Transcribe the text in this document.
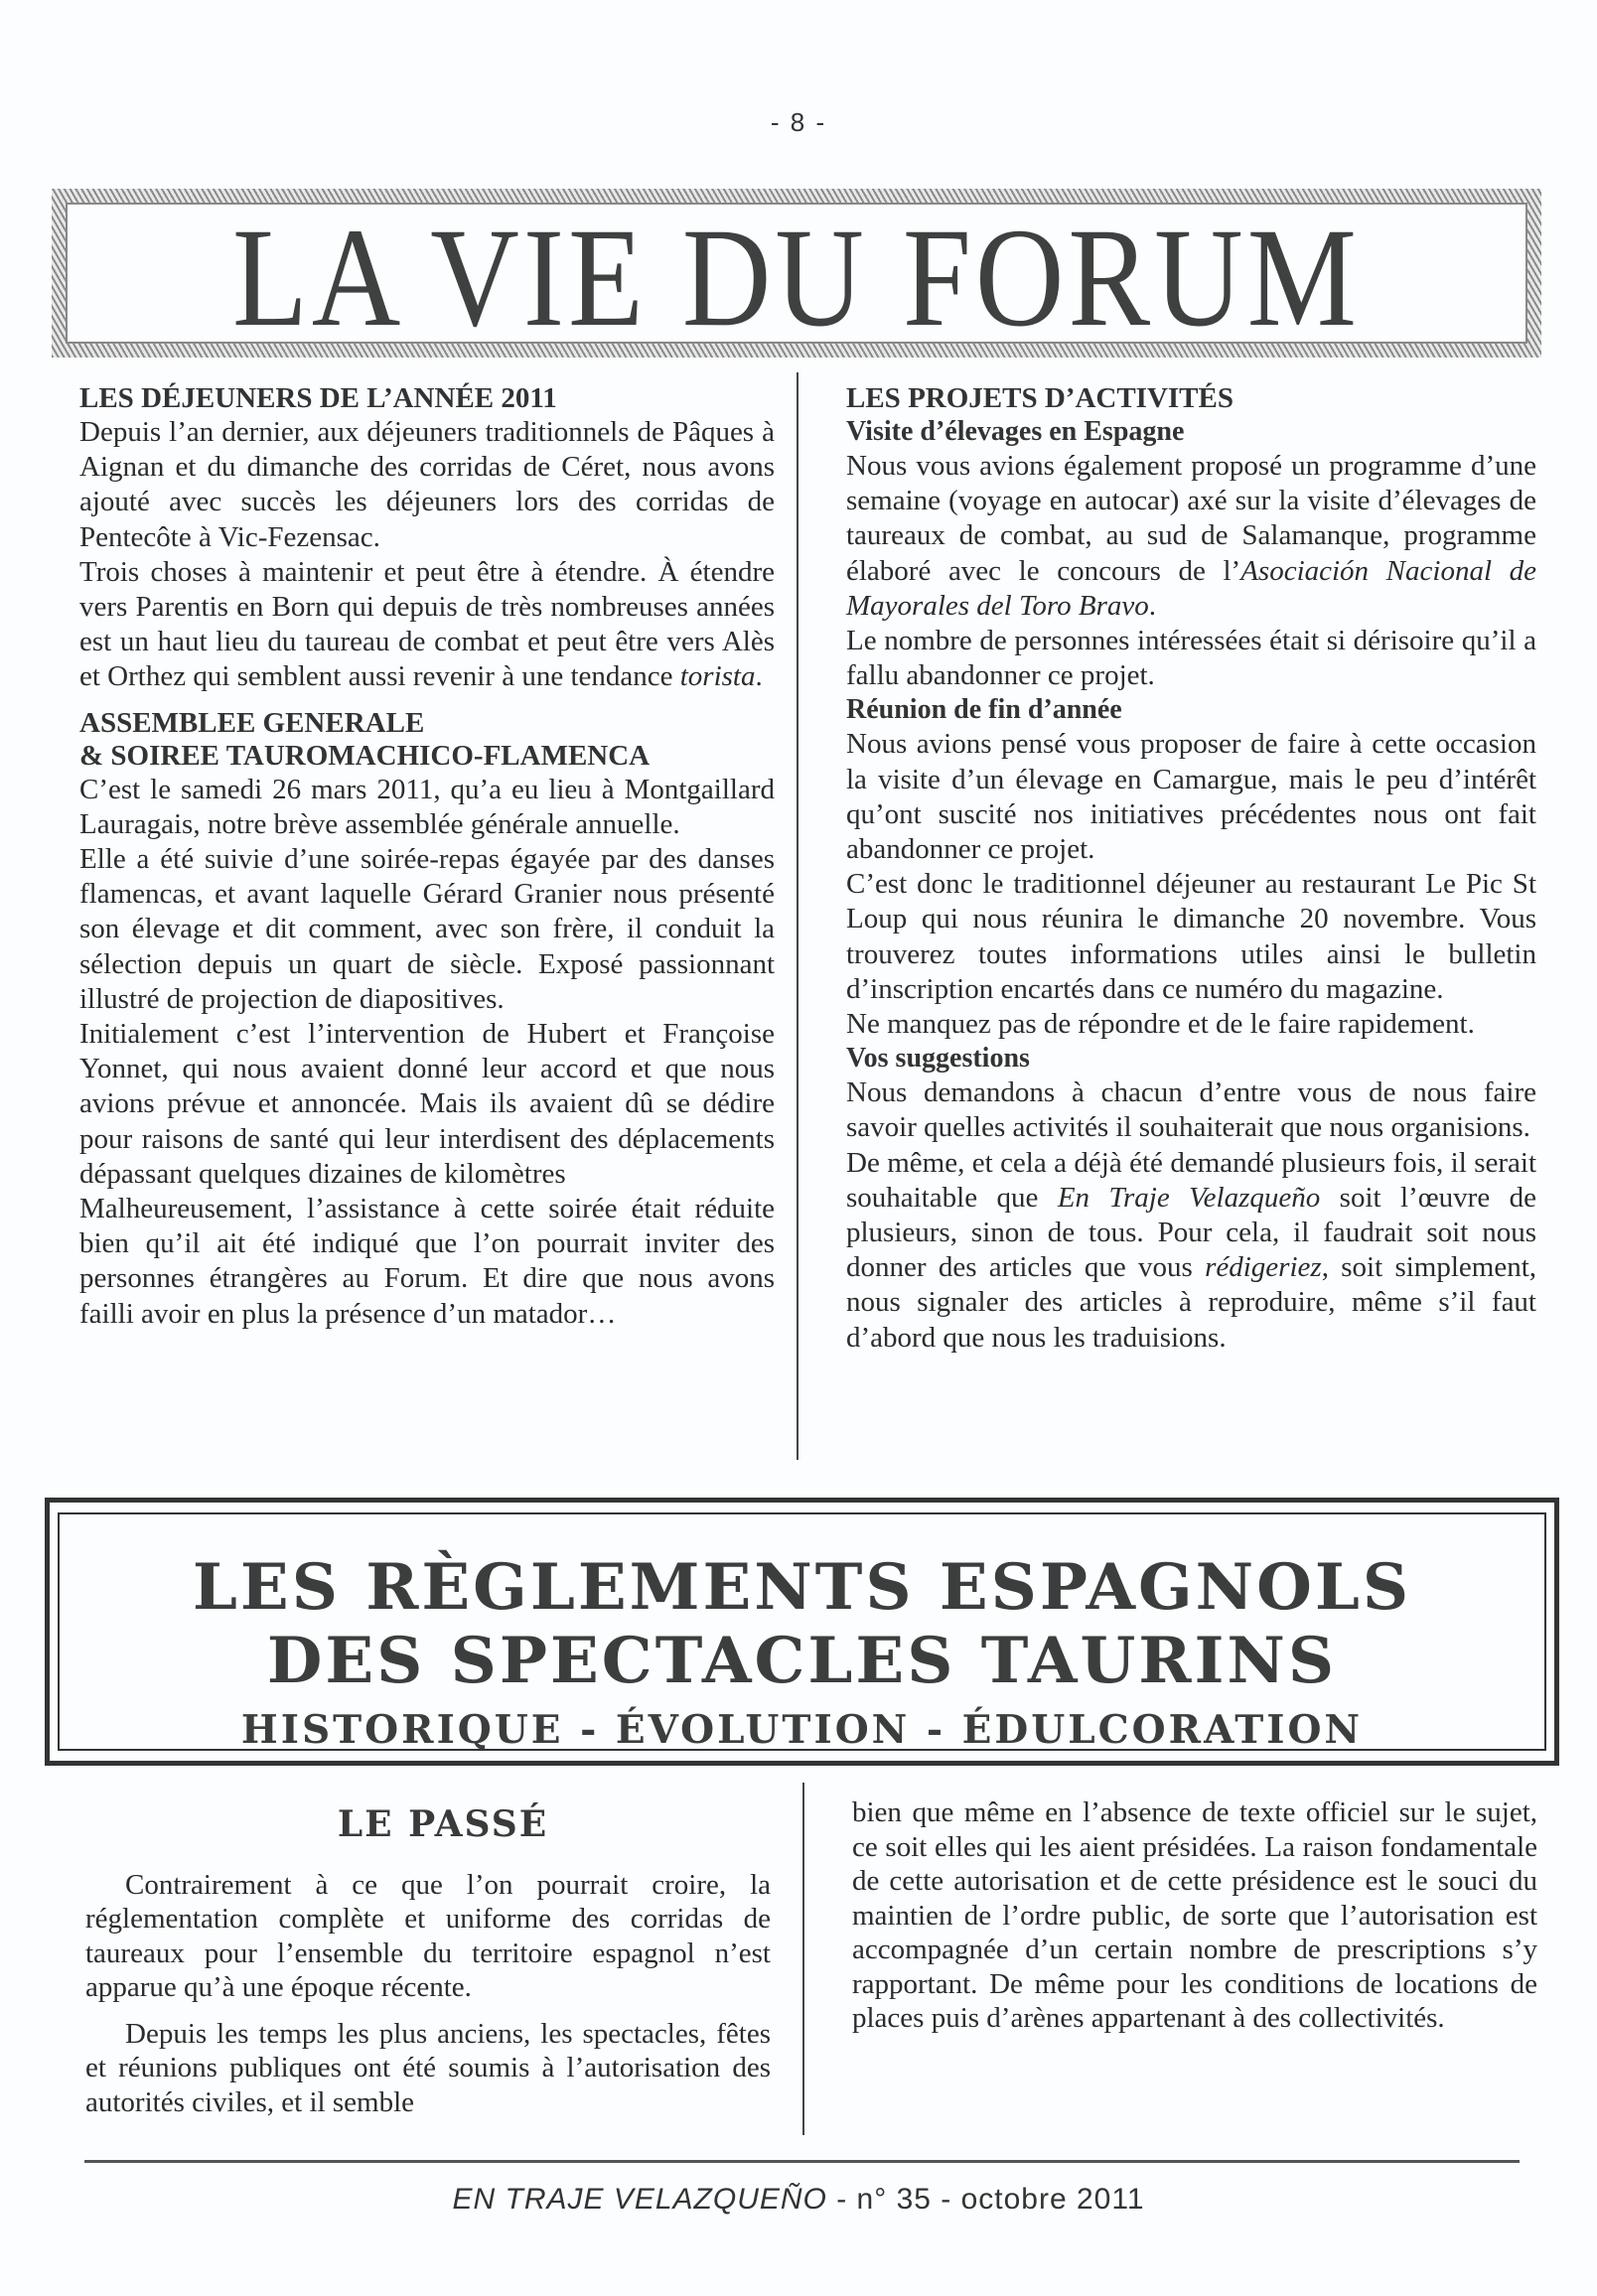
- 8 -
LA VIE DU FORUM
LES DÉJEUNERS DE L’ANNÉE 2011

Depuis l’an dernier, aux déjeuners traditionnels de Pâques à Aignan et du dimanche des corridas de Céret, nous avons ajouté avec succès les déjeuners lors des corridas de Pentecôte à Vic-Fezensac.

Trois choses à maintenir et peut être à étendre. À étendre vers Parentis en Born qui depuis de très nombreuses années est un haut lieu du taureau de combat et peut être vers Alès et Orthez qui semblent aussi revenir à une tendance torista.

ASSEMBLEE GENERALE
& SOIREE TAUROMACHICO-FLAMENCA

C’est le samedi 26 mars 2011, qu’a eu lieu à Montgaillard Lauragais, notre brève assemblée générale annuelle.

Elle a été suivie d’une soirée-repas égayée par des danses flamencas, et avant laquelle Gérard Granier nous présenté son élevage et dit comment, avec son frère, il conduit la sélection depuis un quart de siècle. Exposé passionnant illustré de projection de diapositives.

Initialement c’est l’intervention de Hubert et Françoise Yonnet, qui nous avaient donné leur accord et que nous avions prévue et annoncée. Mais ils avaient dû se dédire pour raisons de santé qui leur interdisent des déplacements dépassant quelques dizaines de kilomètres

Malheureusement, l’assistance à cette soirée était réduite bien qu’il ait été indiqué que l’on pourrait inviter des personnes étrangères au Forum. Et dire que nous avons failli avoir en plus la présence d’un matador…

LES PROJETS D’ACTIVITÉS
Visite d’élevages en Espagne

Nous vous avions également proposé un programme d’une semaine (voyage en autocar) axé sur la visite d’élevages de taureaux de combat, au sud de Salamanque, programme élaboré avec le concours de l’Asociación Nacional de Mayorales del Toro Bravo.

Le nombre de personnes intéressées était si dérisoire qu’il a fallu abandonner ce projet.

Réunion de fin d’année

Nous avions pensé vous proposer de faire à cette occasion la visite d’un élevage en Camargue, mais le peu d’intérêt qu’ont suscité nos initiatives précédentes nous ont fait abandonner ce projet.

C’est donc le traditionnel déjeuner au restaurant Le Pic St Loup qui nous réunira le dimanche 20 novembre. Vous trouverez toutes informations utiles ainsi le bulletin d’inscription encartés dans ce numéro du magazine.

Ne manquez pas de répondre et de le faire rapidement.

Vos suggestions

Nous demandons à chacun d’entre vous de nous faire savoir quelles activités il souhaiterait que nous organisions.

De même, et cela a déjà été demandé plusieurs fois, il serait souhaitable que En Traje Velazqueño soit l’œuvre de plusieurs, sinon de tous. Pour cela, il faudrait soit nous donner des articles que vous rédigeriez, soit simplement, nous signaler des articles à reproduire, même s’il faut d’abord que nous les traduisions.

LES RÈGLEMENTS ESPAGNOLS
DES SPECTACLES TAURINS
HISTORIQUE - ÉVOLUTION - ÉDULCORATION
LE PASSÉ

Contrairement à ce que l’on pourrait croire, la réglementation complète et uniforme des corridas de taureaux pour l’ensemble du territoire espagnol n’est apparue qu’à une époque récente.

Depuis les temps les plus anciens, les spectacles, fêtes et réunions publiques ont été soumis à l’autorisation des autorités civiles, et il semble

bien que même en l’absence de texte officiel sur le sujet, ce soit elles qui les aient présidées. La raison fondamentale de cette autorisation et de cette présidence est le souci du maintien de l’ordre public, de sorte que l’autorisation est accompagnée d’un certain nombre de prescriptions s’y rapportant. De même pour les conditions de locations de places puis d’arènes appartenant à des collectivités.

EN TRAJE VELAZQUEÑO - n° 35 - octobre 2011
